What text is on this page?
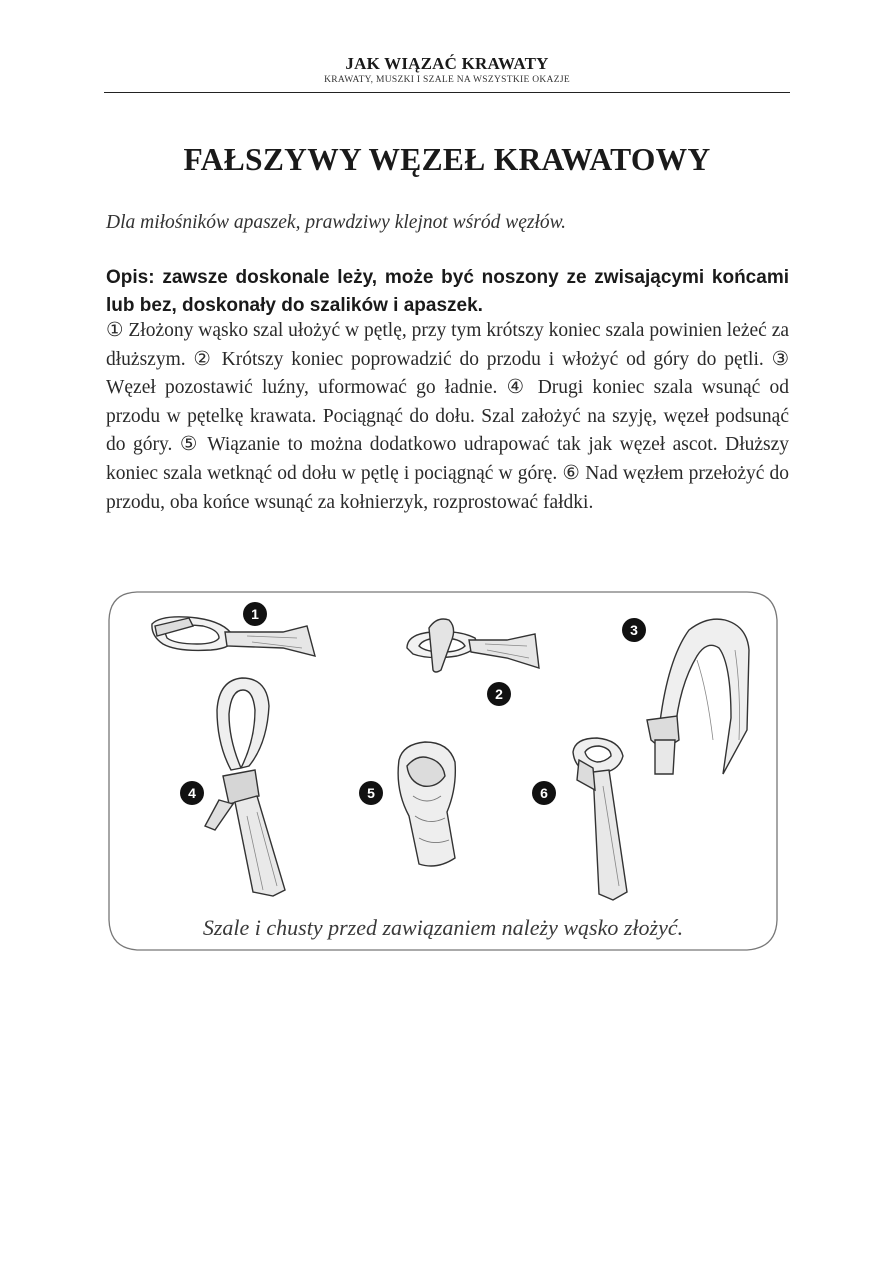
JAK WIĄZAĆ KRAWATY
KRAWATY, MUSZKI I SZALE NA WSZYSTKIE OKAZJE
FAŁSZYWY WĘZEŁ KRAWATOWY
Dla miłośników apaszek, prawdziwy klejnot wśród węzłów.
Opis: zawsze doskonale leży, może być noszony ze zwisającymi końcami lub bez, doskonały do szalików i apaszek.
① Złożony wąsko szal ułożyć w pętlę, przy tym krótszy koniec szala powinien leżeć za dłuższym. ② Krótszy koniec poprowadzić do przodu i włożyć od góry do pętli. ③ Węzeł pozostawić luźny, uformować go ładnie. ④ Drugi koniec szala wsunąć od przodu w pętelkę krawata. Pociągnąć do dołu. Szal założyć na szyję, węzeł podsunąć do góry. ⑤ Wiązanie to można dodatkowo udrapować tak jak węzeł ascot. Dłuższy koniec szala wetknąć od dołu w pętlę i pociągnąć w górę. ⑥ Nad węzłem przełożyć do przodu, oba końce wsunąć za kołnierzyk, rozprostować fałdki.
1
2
3
4	5	6
Szale i chusty przed zawiązaniem należy wąsko złożyć.
